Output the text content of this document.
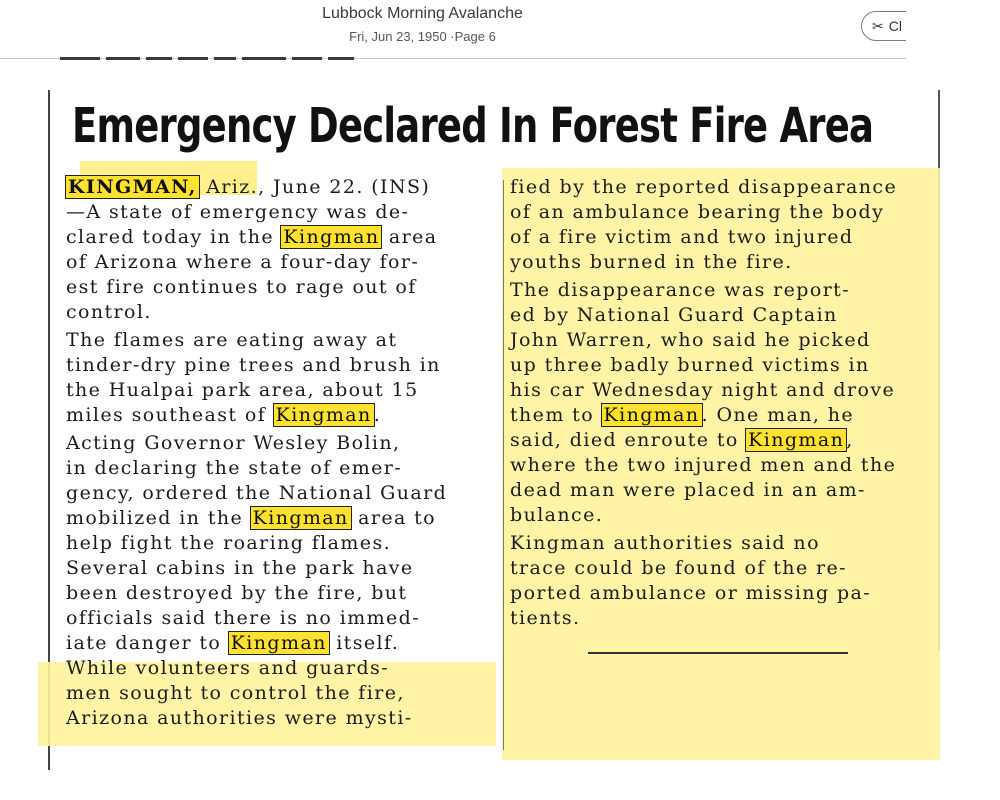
Lubbock Morning Avalanche
Fri, Jun 23, 1950 ·Page 6
✂ Cl
Emergency Declared In Forest Fire Area
KINGMAN, Ariz., June 22. (INS)
—A state of emergency was de-
clared today in the Kingman area
of Arizona where a four-day for-
est fire continues to rage out of
control.
The flames are eating away at
tinder-dry pine trees and brush in
the Hualpai park area, about 15
miles southeast of Kingman .
Acting Governor Wesley Bolin,
in declaring the state of emer-
gency, ordered the National Guard
mobilized in the Kingman area to
help fight the roaring flames.
Several cabins in the park have
been destroyed by the fire, but
officials said there is no immed-
iate danger to Kingman itself.
While volunteers and guards-
men sought to control the fire,
Arizona authorities were mysti-
fied by the reported disappearance
of an ambulance bearing the body
of a fire victim and two injured
youths burned in the fire.
The disappearance was report-
ed by National Guard Captain
John Warren, who said he picked
up three badly burned victims in
his car Wednesday night and drove
them to Kingman . One man, he
said, died enroute to Kingman ,
where the two injured men and the
dead man were placed in an am-
bulance.
Kingman authorities said no
trace could be found of the re-
ported ambulance or missing pa-
tients.
